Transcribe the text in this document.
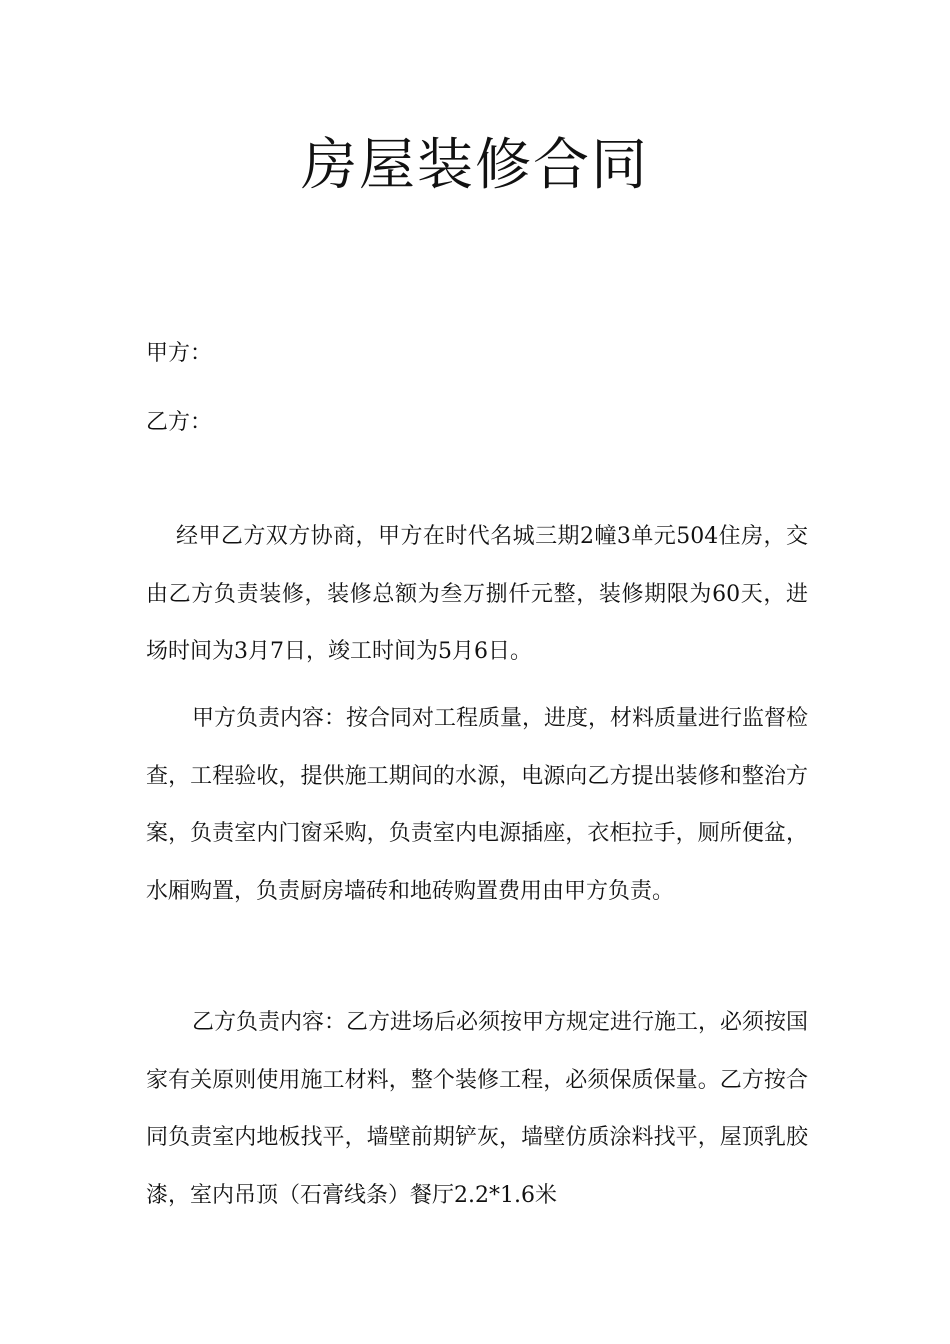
房屋装修合同

甲方：

乙方：

经甲乙方双方协商，甲方在时代名城三期2幢3单元504住房，交由乙方负责装修，装修总额为叁万捌仟元整，装修期限为60天，进场时间为3月7日，竣工时间为5月6日。

甲方负责内容：按合同对工程质量，进度，材料质量进行监督检查，工程验收，提供施工期间的水源，电源向乙方提出装修和整治方案，负责室内门窗采购，负责室内电源插座，衣柜拉手，厕所便盆，水厢购置，负责厨房墙砖和地砖购置费用由甲方负责。

乙方负责内容：乙方进场后必须按甲方规定进行施工，必须按国家有关原则使用施工材料，整个装修工程，必须保质保量。乙方按合同负责室内地板找平，墙壁前期铲灰，墙壁仿质涂料找平，屋顶乳胶漆，室内吊顶（石膏线条）餐厅2.2*1.6米
